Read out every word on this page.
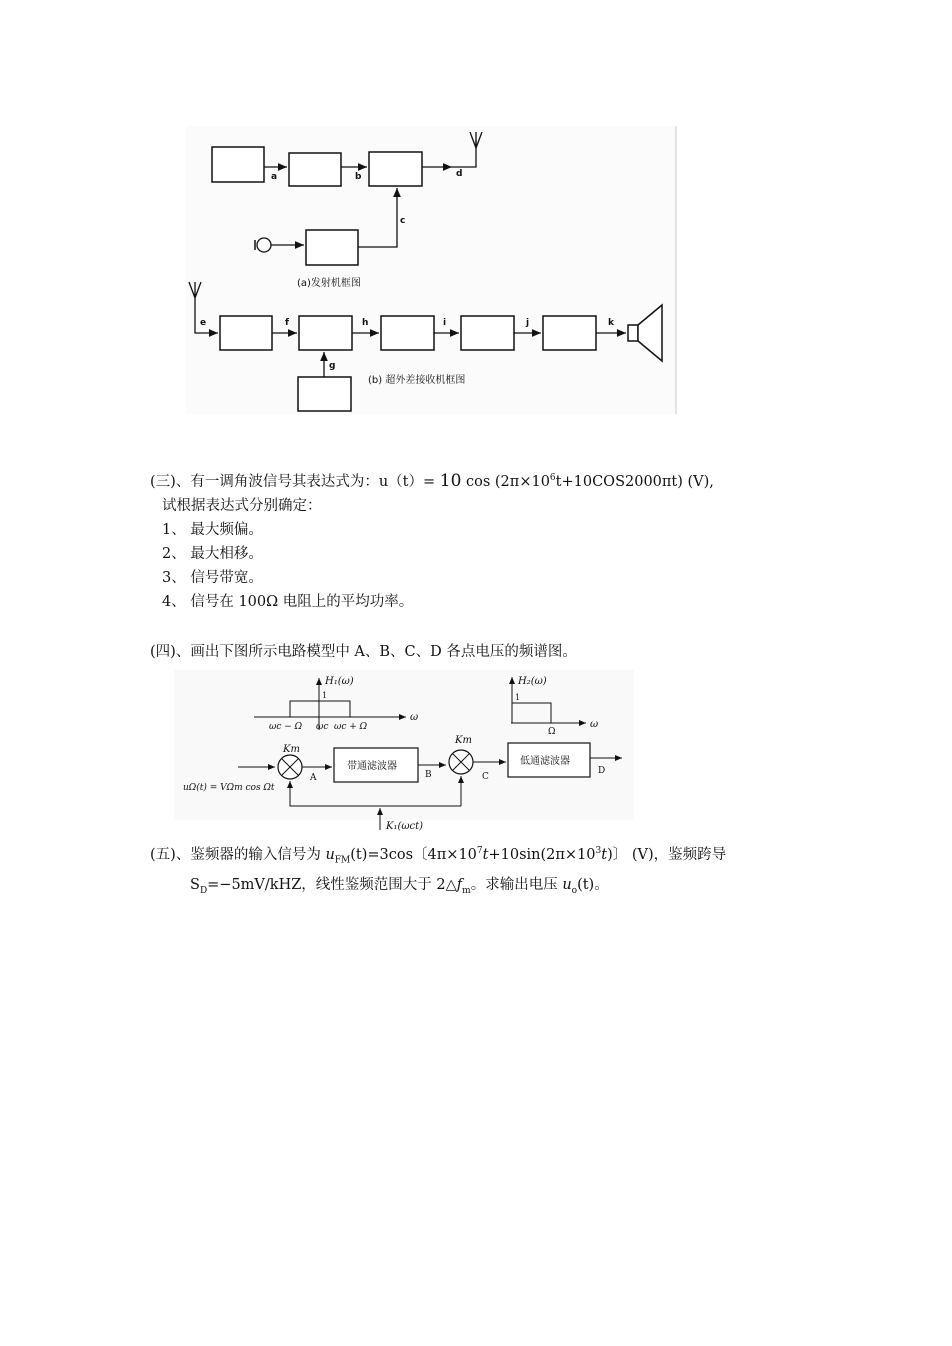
a	b	d
c
(a)发射机框图
e	f	h	i	j	k
g
(b) 超外差接收机框图
(三)、有一调角波信号其表达式为：u（t）= 10 $\cos (2\pi\times 10^6t+10COS2000\pi t)$ (V),
试根据表达式分别确定：
1、 最大频偏。
2、 最大相移。
3、 信号带宽。
4、 信号在 100Ω 电阻上的平均功率。
(四)、画出下图所示电路模型中 A、B、C、D 各点电压的频谱图。
H₁(ω)
1
ω
ωc − Ω ωc ωc + Ω
H₂(ω)
1
Ω
ω
uΩ(t) = VΩm cos Ωt
Km
A
带通滤波器
B
Km
C
低通滤波器
D
K₁(ωct)
(五)、鉴频器的输入信号为 $u_{FM}(t)=3\cos$〔$4\pi\times 10^7t+10\sin(2\pi\times 10^3t)$〕 (V)，鉴频跨导
$S_D=-5mV$/kHZ，线性鉴频范围大于 $2\triangle f_m$。求输出电压 $u_o(t)$。
